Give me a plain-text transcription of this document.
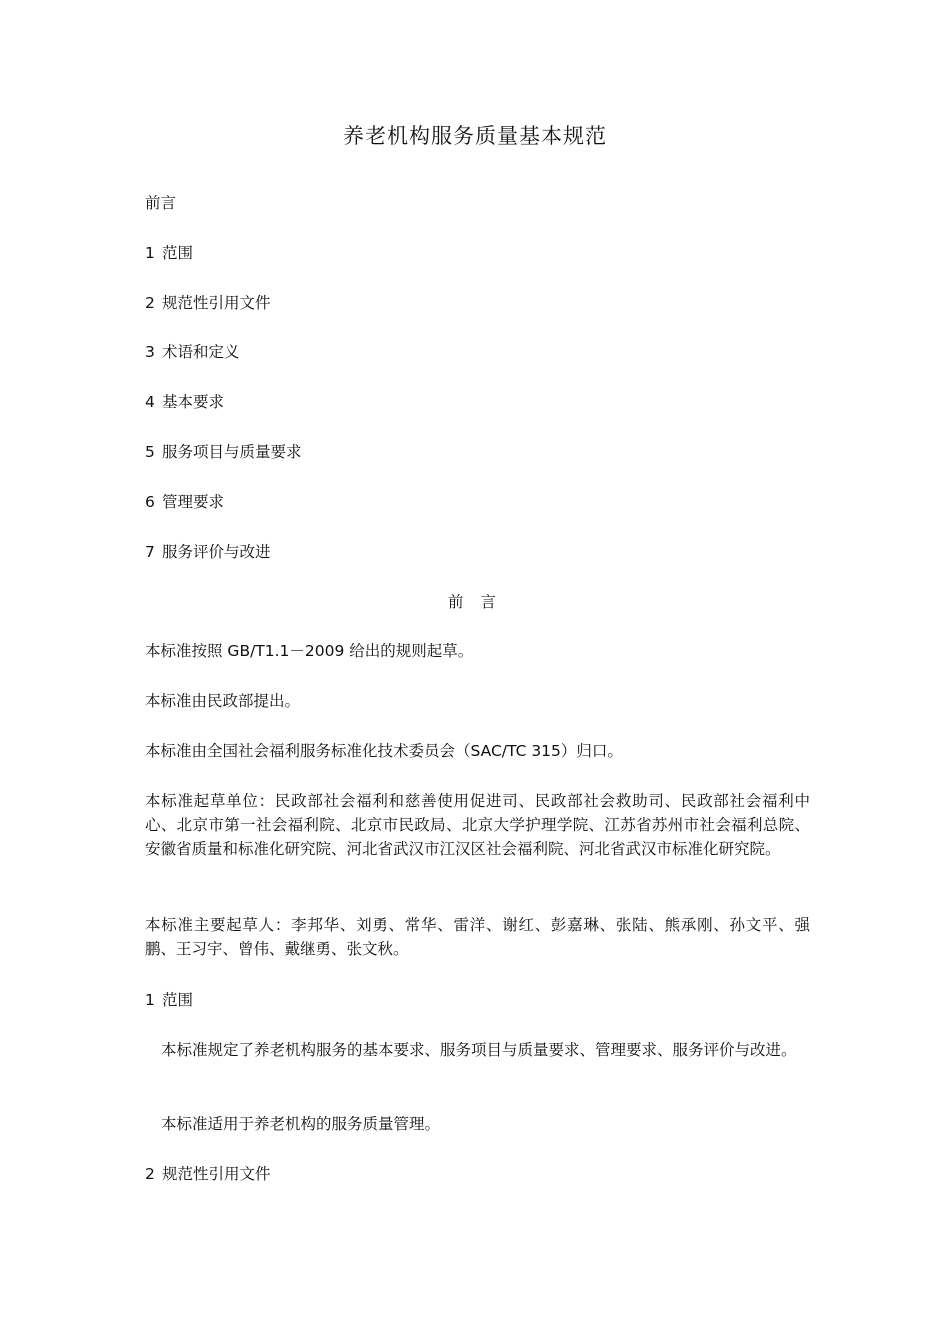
养老机构服务质量基本规范
前言
1 范围
2 规范性引用文件
3 术语和定义
4 基本要求
5 服务项目与质量要求
6 管理要求
7 服务评价与改进
前 言
本标准按照 GB/T1.1－2009 给出的规则起草。
本标准由民政部提出。
本标准由全国社会福利服务标准化技术委员会（SAC/TC 315）归口。
本标准起草单位：民政部社会福利和慈善使用促进司、民政部社会救助司、民政部社会福利中心、北京市第一社会福利院、北京市民政局、北京大学护理学院、江苏省苏州市社会福利总院、安徽省质量和标准化研究院、河北省武汉市江汉区社会福利院、河北省武汉市标准化研究院。
本标准主要起草人：李邦华、刘勇、常华、雷洋、谢红、彭嘉琳、张陆、熊承刚、孙文平、强鹏、王习宇、曾伟、戴继勇、张文秋。
1 范围
本标准规定了养老机构服务的基本要求、服务项目与质量要求、管理要求、服务评价与改进。
本标准适用于养老机构的服务质量管理。
2 规范性引用文件
